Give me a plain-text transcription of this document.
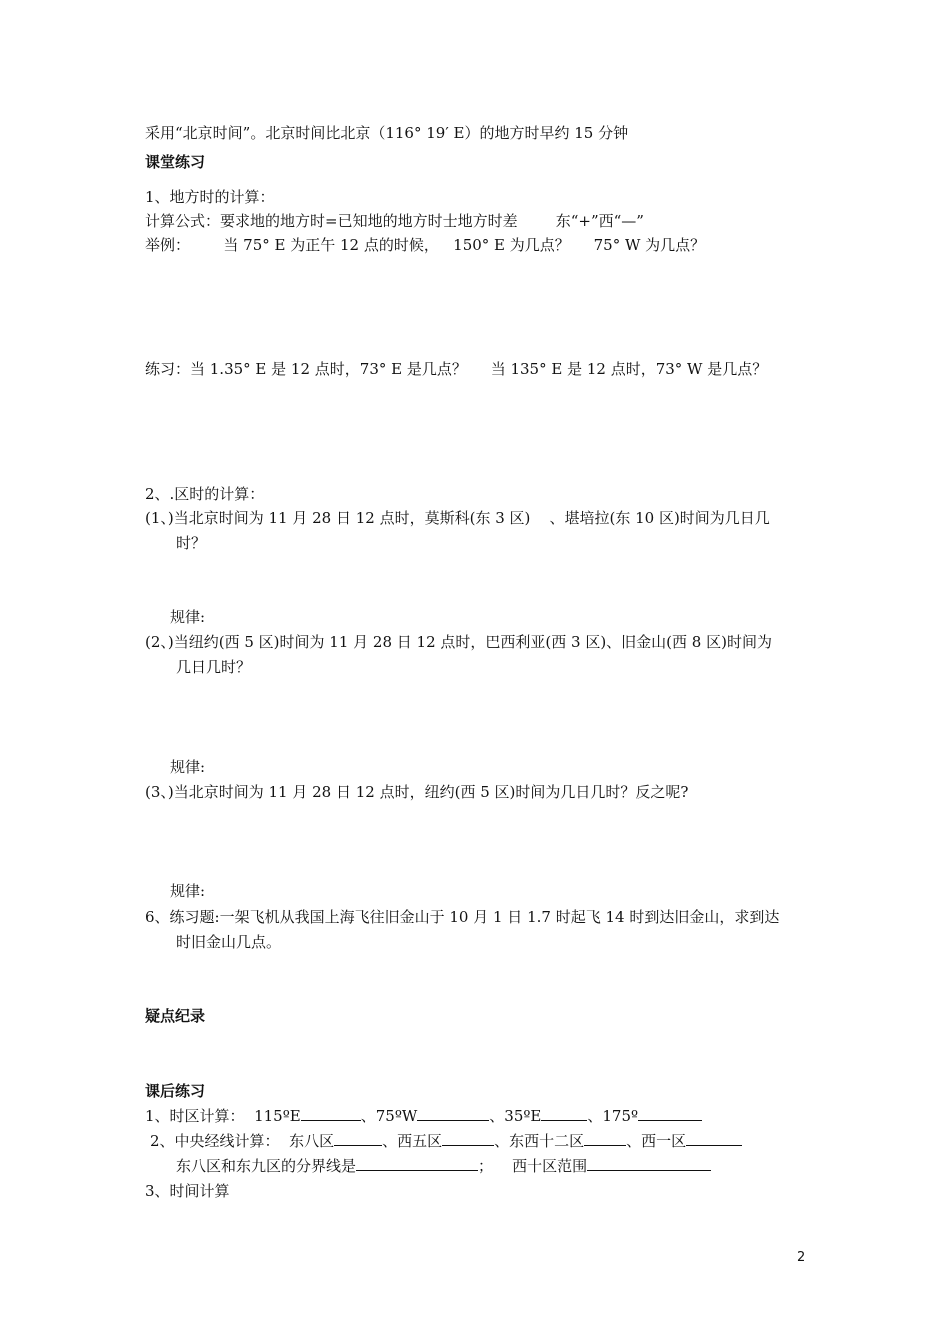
采用“北京时间”。北京时间比北京（116° 19′ E）的地方时早约 15 分钟

课堂练习

1、地方时的计算：

计算公式：要求地的地方时=已知地的地方时士地方时差        东“+”西“—”

举例：       当 75° E 为正午 12 点的时候，   150° E 为几点？     75° W 为几点？

练习：当 1.35° E 是 12 点时，73° E 是几点？     当 135° E 是 12 点时，73° W 是几点？

2、.区时的计算：

(1、)当北京时间为 11 月 28 日 12 点时，莫斯科(东 3 区)    、堪培拉(东 10 区)时间为几日几

时？

规律:

(2、)当纽约(西 5 区)时间为 11 月 28 日 12 点时，巴西利亚(西 3 区)、旧金山(西 8 区)时间为

几日几时？

规律:

(3、)当北京时间为 11 月 28 日 12 点时，纽约(西 5 区)时间为几日几时？反之呢?

规律:

6、练习题:一架飞机从我国上海飞往旧金山于 10 月 1 日 1.7 时起飞 14 时到达旧金山，求到达

时旧金山几点。

疑点纪录

课后练习

1、时区计算：  115ºE	、75ºW	、35ºE	、175º

2、中央经线计算：  东八区	、西五区	、东西十二区	、西一区

东八区和东九区的分界线是	； 西十区范围

3、时间计算

2
